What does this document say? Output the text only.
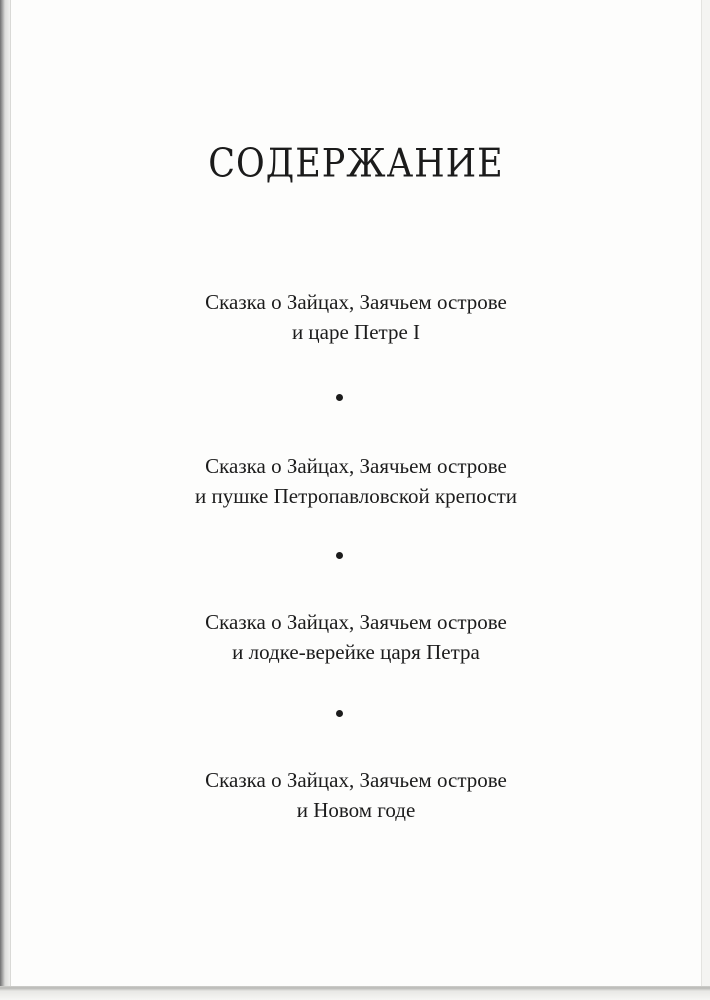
СОДЕРЖАНИЕ
Сказка о Зайцах, Заячьем острове
и царе Петре I
Сказка о Зайцах, Заячьем острове
и пушке Петропавловской крепости
Сказка о Зайцах, Заячьем острове
и лодке-верейке царя Петра
Сказка о Зайцах, Заячьем острове
и Новом годе
